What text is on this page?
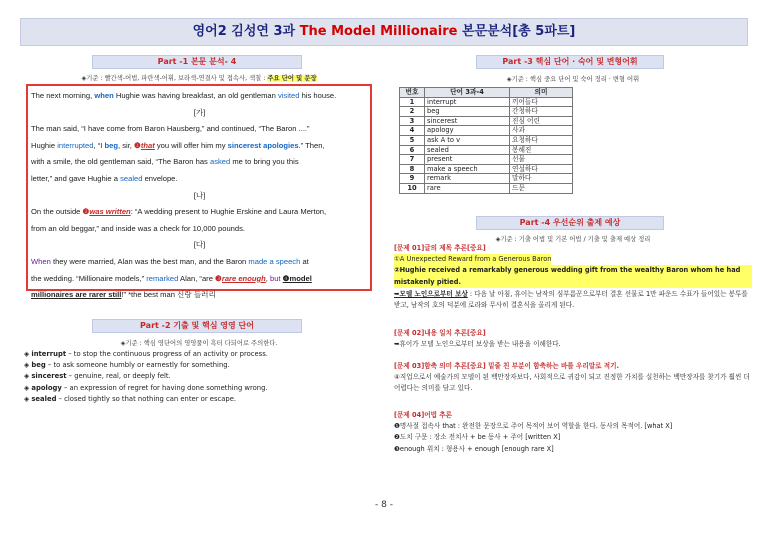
영어2 김성연 3과 The Model Millionaire 본문분석[총 5파트]
Part -1 본문 분석- 4
◈기준 : 빨간색-어법, 파란색-어휘, 보라색-연결사 및 접속사, 색칠 : 주요 단어 및 문장

The next morning, when Hughie was having breakfast, an old gentleman visited his house.

[가]

The man said, “I have come from Baron Hausberg,” and continued, “The Baron ....”

Hughie interrupted, “I beg, sir, ❶that you will offer him my sincerest apologies.” Then,

with a smile, the old gentleman said, “The Baron has asked me to bring you this

letter,” and gave Hughie a sealed envelope.

[나]

On the outside ❷was written: “A wedding present to Hughie Erskine and Laura Merton,

from an old beggar,” and inside was a check for 10,000 pounds.

[다]

When they were married, Alan was the best man, and the Baron made a speech at

the wedding. “Millionaire models,” remarked Alan, “are ❸rare enough, but ❹model

millionaires are rarer still!” *the best man 신랑 들러리

Part -2 기출 및 핵심 영영 단어
◈기준 : 핵심 영단어의 영영풀이 흑터 다되어로 주의한다.
◈ interrupt – to stop the continuous progress of an activity or process.
◈ beg – to ask someone humbly or earnestly for something.
◈ sincerest – genuine, real, or deeply felt.
◈ apology – an expression of regret for having done something wrong.
◈ sealed – closed tightly so that nothing can enter or escape.
Part -3 핵심 단어 · 숙어 및 변형어휘
◈기준 : 핵심 중요 단어 및 숙어 정리 · 변형 어휘
번호	단어 3과-4	의미
1	interrupt	끼어들다
2	beg	간청하다
3	sincerest	진심 어린
4	apology	사과
5	ask A to v	요청하다
6	sealed	봉해진
7	present	선물
8	make a speech	연설하다
9	remark	말하다
10	rare	드문
Part -4 우선순위 출제 예상
◈기준 : 기출 어법 및 기본 어법 / 기출 및 출제 예상 정리
[문제 01]글의 제목 추론[중요]
①A Unexpected Reward from a Generous Baron
②Hughie received a remarkably generous wedding gift from the wealthy Baron whom he had mistakenly pitied.
➥모델 노인으로부터 보상 : 다음 날 아침, 휴이는 남작의 심부름꾼으로부터 결혼 선물로 1만 파운드 수표가 들어있는 봉투를 받고, 남작의 호의 덕분에 로라와 무사히 결혼식을 올리게 된다.
[문제 02]내용 일치 추론[중요]
➥휴이가 모델 노인으로부터 보상을 받는 내용을 이해한다.
[문제 03]함축 의미 추론[중요] 밑줄 친 부분이 함축하는 바를 우리말로 적기.
④직업으로서 예술가의 모델이 된 백만장자보다, 사회적으로 귀감이 되고 진정한 가치를 실천하는 백만장자를 찾기가 훨씬 더 어렵다는 의미를 담고 있다.
[문제 04]어법 추론
❶명사절 접속사 that : 완전한 문장으로 주어 목적어 보어 역할을 한다. 동사의 목적어. [what X]
❷도치 구문 : 장소 전치사 + be 동사 + 주어 [written X]
❸enough 위치 : 형용사 + enough [enough rare X]
- 8 -
